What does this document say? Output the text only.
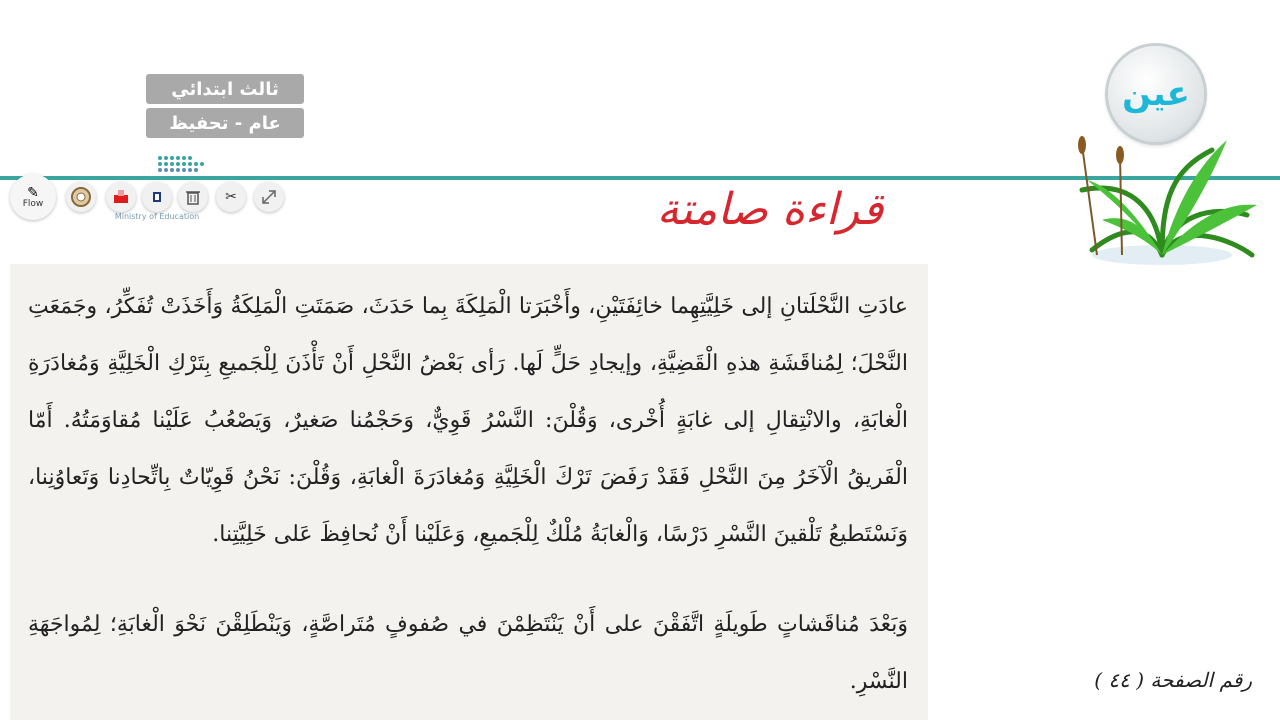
ثالث ابتدائي
عام - تحفيظ
Ministry of Education
✎
Flow	✂	قراءة صامتة
عادَتِ النَّحْلَتانِ إلى خَلِيَّتِهِما خائِفَتَيْنِ، وأَخْبَرَتا الْمَلِكَةَ بِما حَدَثَ، صَمَتَتِ الْمَلِكَةُ وَأَخَذَتْ تُفَكِّرُ، وجَمَعَتِ النَّحْلَ؛ لِمُناقَشَةِ هذهِ الْقَضِيَّةِ، وإيجادِ حَلٍّ لَها. رَأى بَعْضُ النَّحْلِ أَنْ تَأْذَنَ لِلْجَميعِ بِتَرْكِ الْخَلِيَّةِ وَمُغادَرَةِ الْغابَةِ، والانْتِقالِ إلى غابَةٍ أُخْرى، وَقُلْنَ: النَّسْرُ قَوِيٌّ، وَحَجْمُنا صَغيرٌ، وَيَصْعُبُ عَلَيْنا مُقاوَمَتُهُ. أَمّا الْفَريقُ الْآخَرُ مِنَ النَّحْلِ فَقَدْ رَفَضَ تَرْكَ الْخَلِيَّةِ وَمُغادَرَةَ الْغابَةِ، وَقُلْنَ: نَحْنُ قَوِيّاتٌ بِاتِّحادِنا وَتَعاوُنِنا، وَنَسْتَطيعُ تَلْقينَ النَّسْرِ دَرْسًا، وَالْغابَةُ مُلْكٌ لِلْجَميعِ، وَعَلَيْنا أَنْ نُحافِظَ عَلى خَلِيَّتِنا.
وَبَعْدَ مُناقَشاتٍ طَويلَةٍ اتَّفَقْنَ على أَنْ يَنْتَظِمْنَ في صُفوفٍ مُتَراصَّةٍ، وَيَنْطَلِقْنَ نَحْوَ الْغابَةِ؛ لِمُواجَهَةِ النَّسْرِ.
عين
رقم الصفحة ( ٤٤ )
